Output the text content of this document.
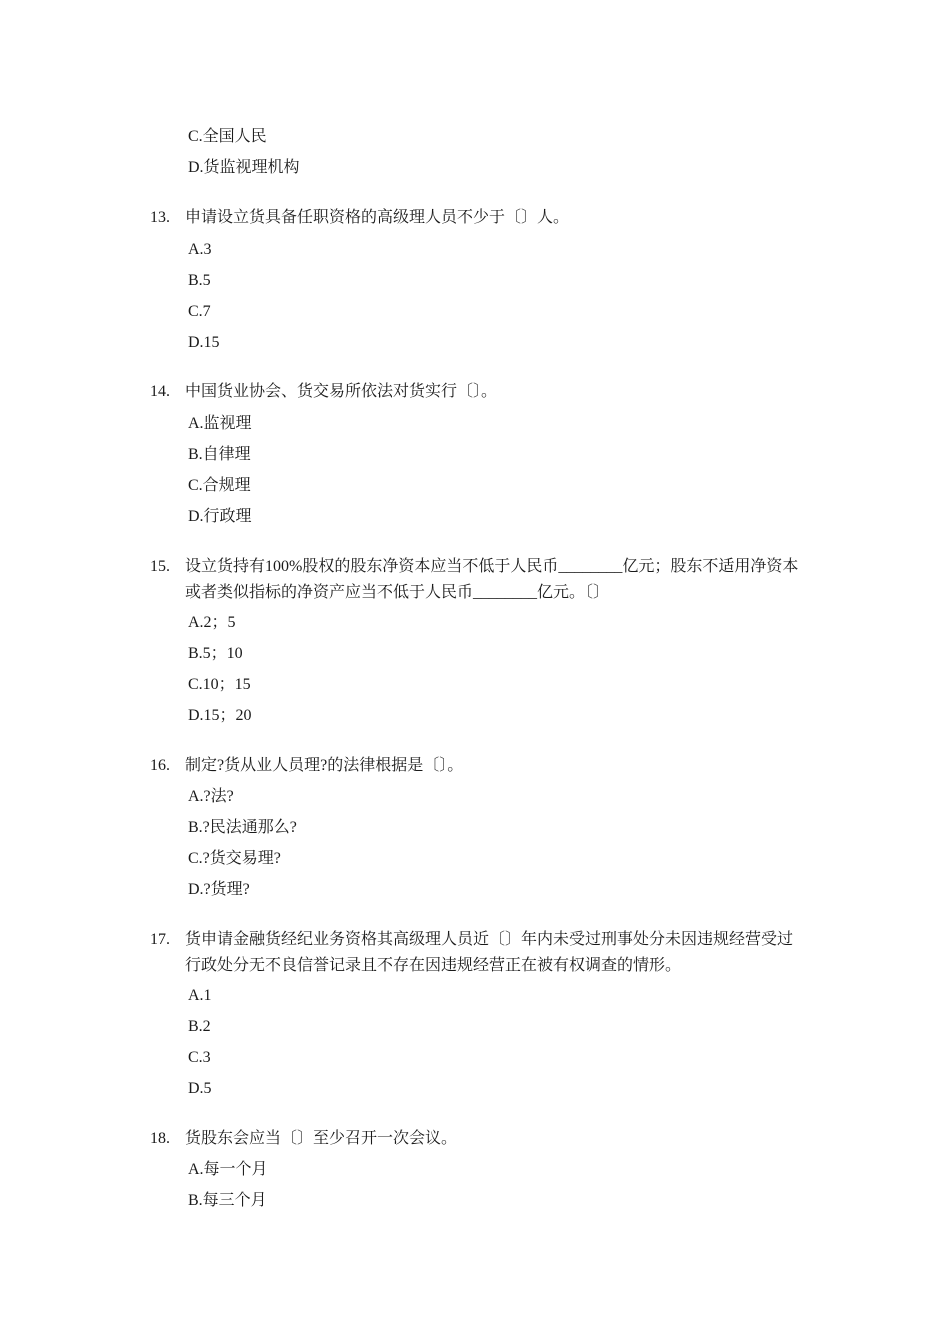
C.全国人民
D.货监视理机构
13. 申请设立货具备任职资格的高级理人员不少于〔〕人。
A.3
B.5
C.7
D.15
14. 中国货业协会、货交易所依法对货实行〔〕。
A.监视理
B.自律理
C.合规理
D.行政理
15. 设立货持有100%股权的股东净资本应当不低于人民币________亿元；股东不适用净资本或者类似指标的净资产应当不低于人民币________亿元。〔〕
A.2；5
B.5；10
C.10；15
D.15；20
16. 制定?货从业人员理?的法律根据是〔〕。
A.?法?
B.?民法通那么?
C.?货交易理?
D.?货理?
17. 货申请金融货经纪业务资格其高级理人员近〔〕年内未受过刑事处分未因违规经营受过行政处分无不良信誉记录且不存在因违规经营正在被有权调查的情形。
A.1
B.2
C.3
D.5
18. 货股东会应当〔〕至少召开一次会议。
A.每一个月
B.每三个月
